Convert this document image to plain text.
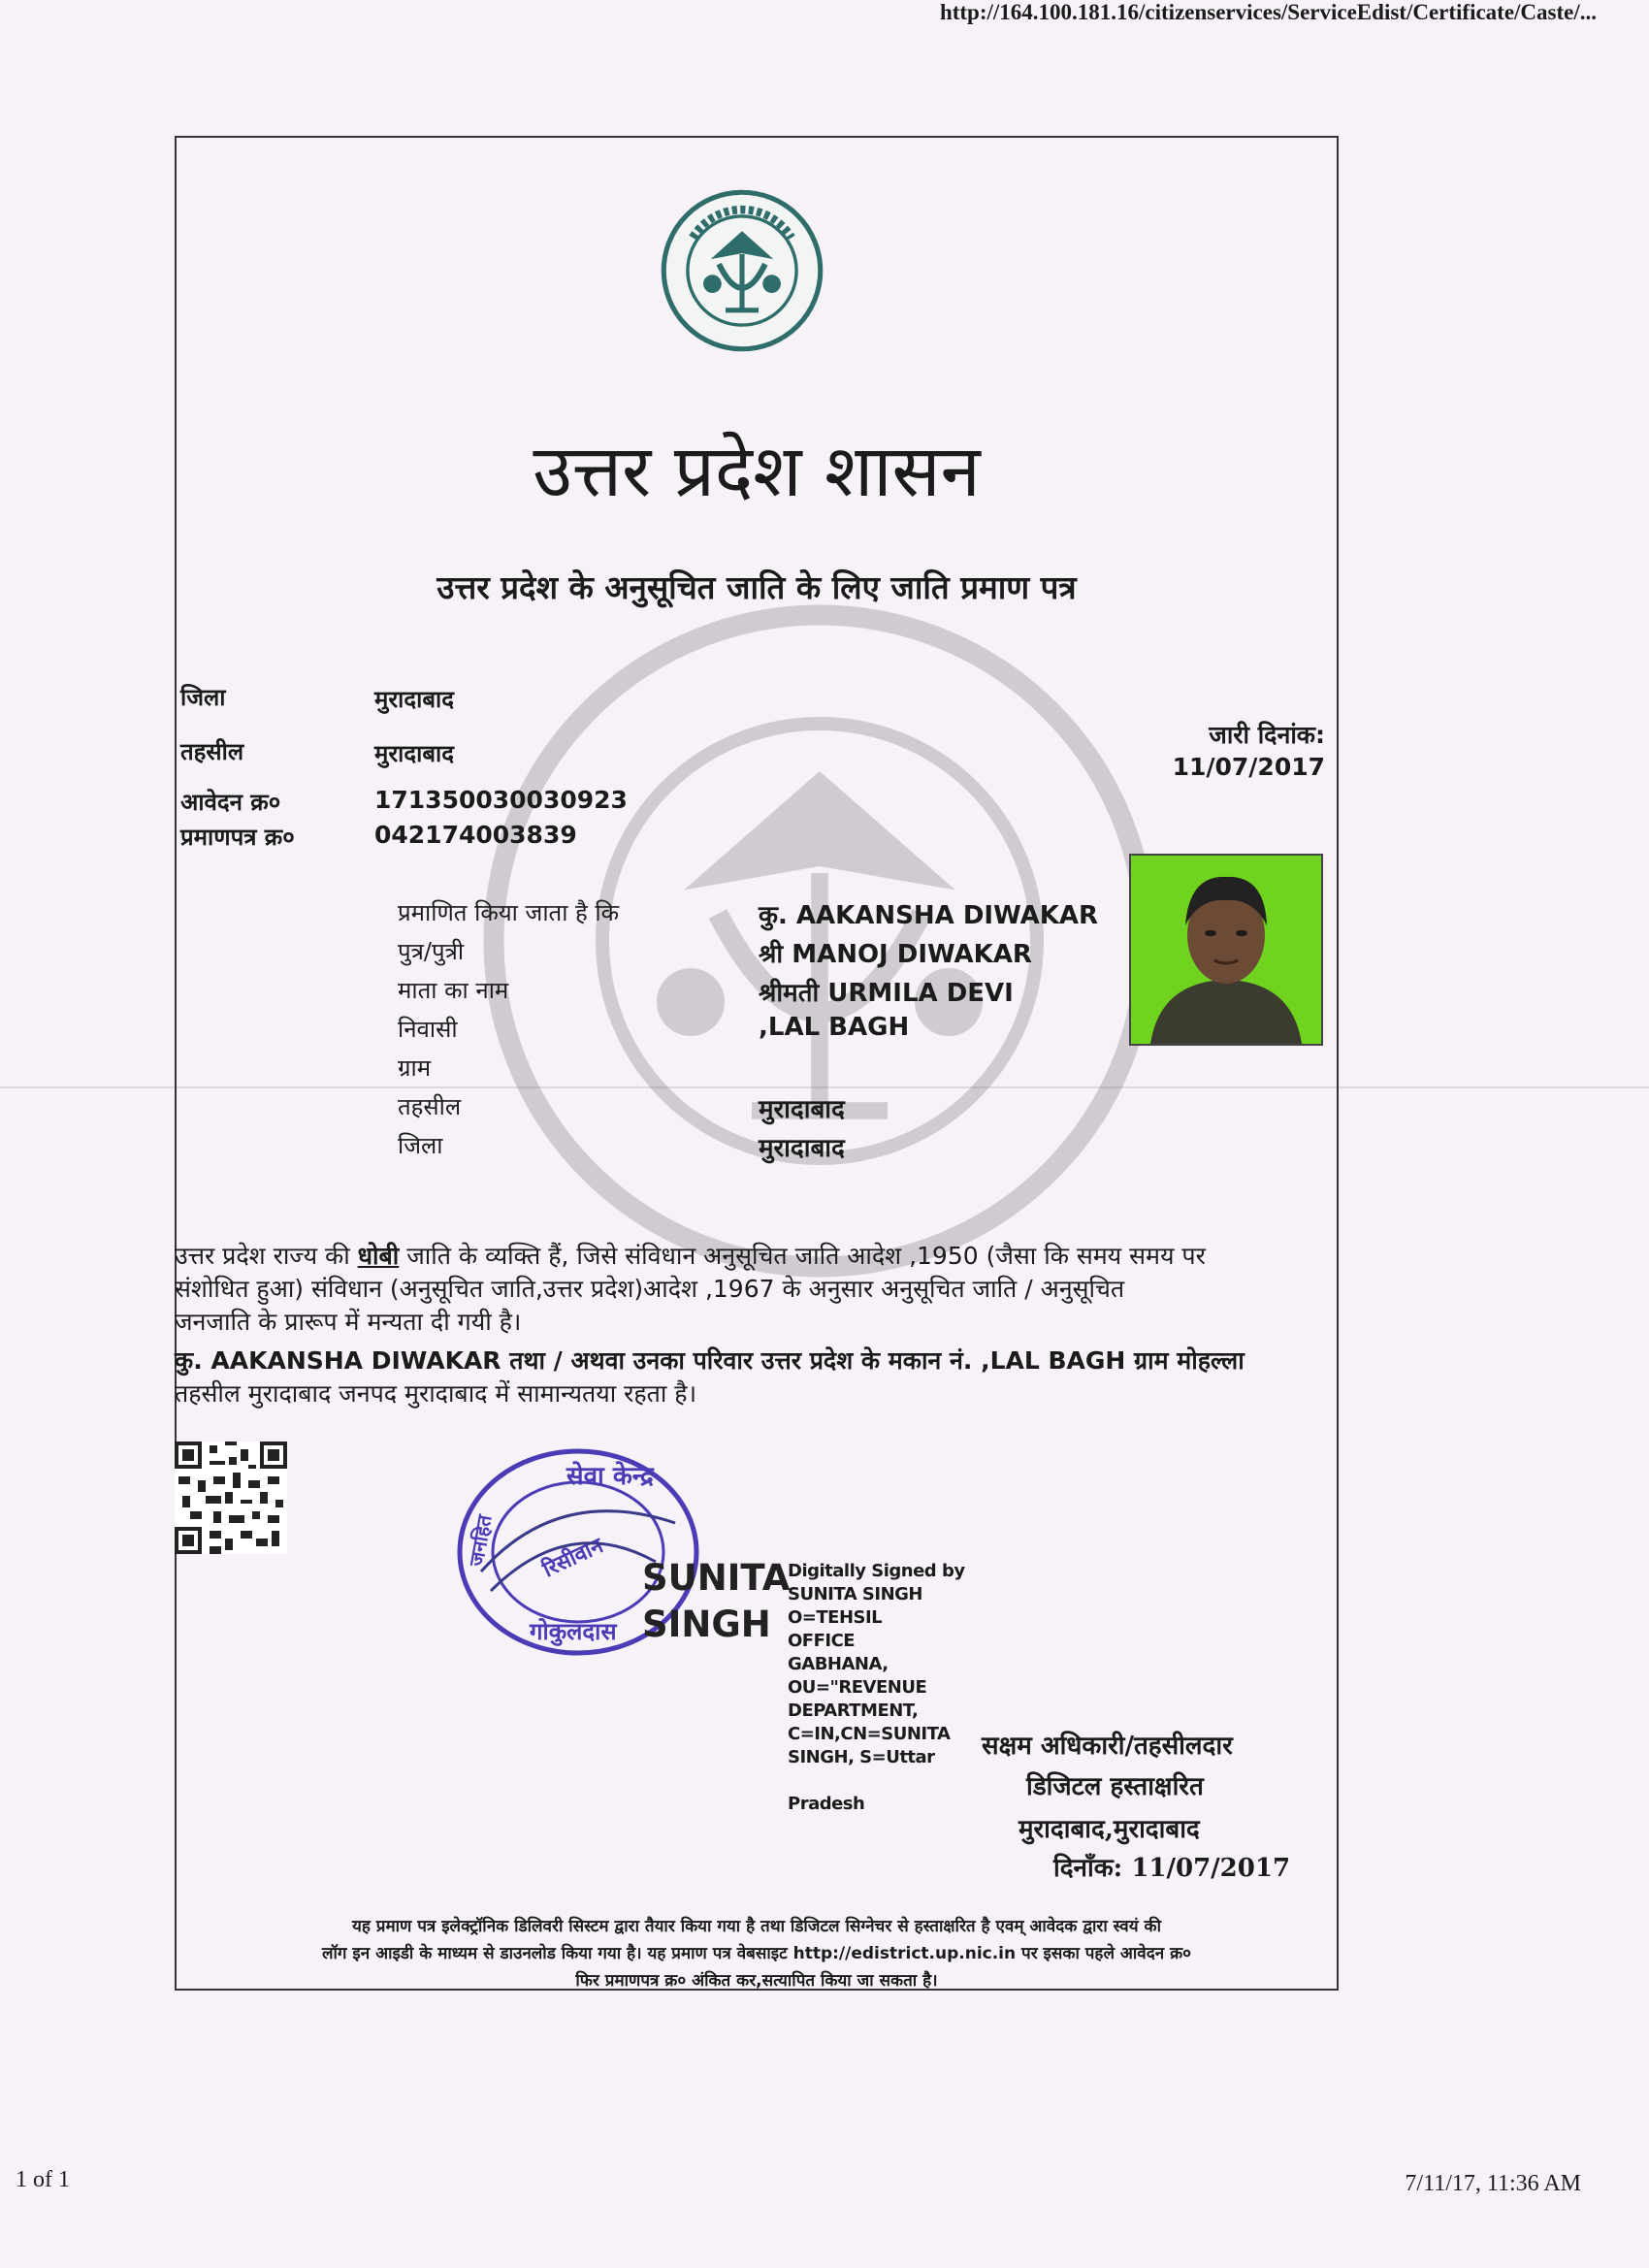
http://164.100.181.16/citizenservices/ServiceEdist/Certificate/Caste/...
उत्तर प्रदेश शासन
उत्तर प्रदेश के अनुसूचित जाति के लिए जाति प्रमाण पत्र
जिला	मुरादाबाद
तहसील	मुरादाबाद
आवेदन क्र०	171350030030923
प्रमाणपत्र क्र०	042174003839
जारी दिनांक:
11/07/2017
प्रमाणित किया जाता है कि	कु. AAKANSHA DIWAKAR
पुत्र/पुत्री	श्री MANOJ DIWAKAR
माता का नाम	श्रीमती URMILA DEVI
निवासी	,LAL BAGH
ग्राम
तहसील	मुरादाबाद
जिला	मुरादाबाद
उत्तर प्रदेश राज्य की धोबी जाति के व्यक्ति हैं, जिसे संविधान अनुसूचित जाति आदेश ,1950 (जैसा कि समय समय पर
संशोधित हुआ) संविधान (अनुसूचित जाति,उत्तर प्रदेश)आदेश ,1967 के अनुसार अनुसूचित जाति / अनुसूचित
जनजाति के प्रारूप में मन्यता दी गयी है।
कु. AAKANSHA DIWAKAR तथा / अथवा उनका परिवार उत्तर प्रदेश के मकान नं. ,LAL BAGH ग्राम मोहल्ला
तहसील मुरादाबाद जनपद मुरादाबाद में सामान्यतया रहता है।
सेवा केन्द्र
जनहित
गोकुलदास
रिसीवान SUNITA
SINGH
Digitally Signed by
SUNITA SINGH
O=TEHSIL
OFFICE
GABHANA,
OU="REVENUE
DEPARTMENT,
C=IN,CN=SUNITA
SINGH, S=Uttar
Pradesh
सक्षम अधिकारी/तहसीलदार
डिजिटल हस्ताक्षरित
मुरादाबाद,मुरादाबाद
दिनाँक: 11/07/2017
यह प्रमाण पत्र इलेक्ट्रॉनिक डिलिवरी सिस्टम द्वारा तैयार किया गया है तथा डिजिटल सिग्नेचर से हस्ताक्षरित है एवम् आवेदक द्वारा स्वयं की
लॉग इन आइडी के माध्यम से डाउनलोड किया गया है। यह प्रमाण पत्र वेबसाइट http://edistrict.up.nic.in पर इसका पहले आवेदन क्र०
फिर प्रमाणपत्र क्र० अंकित कर,सत्यापित किया जा सकता है।
1 of 1	7/11/17, 11:36 AM
